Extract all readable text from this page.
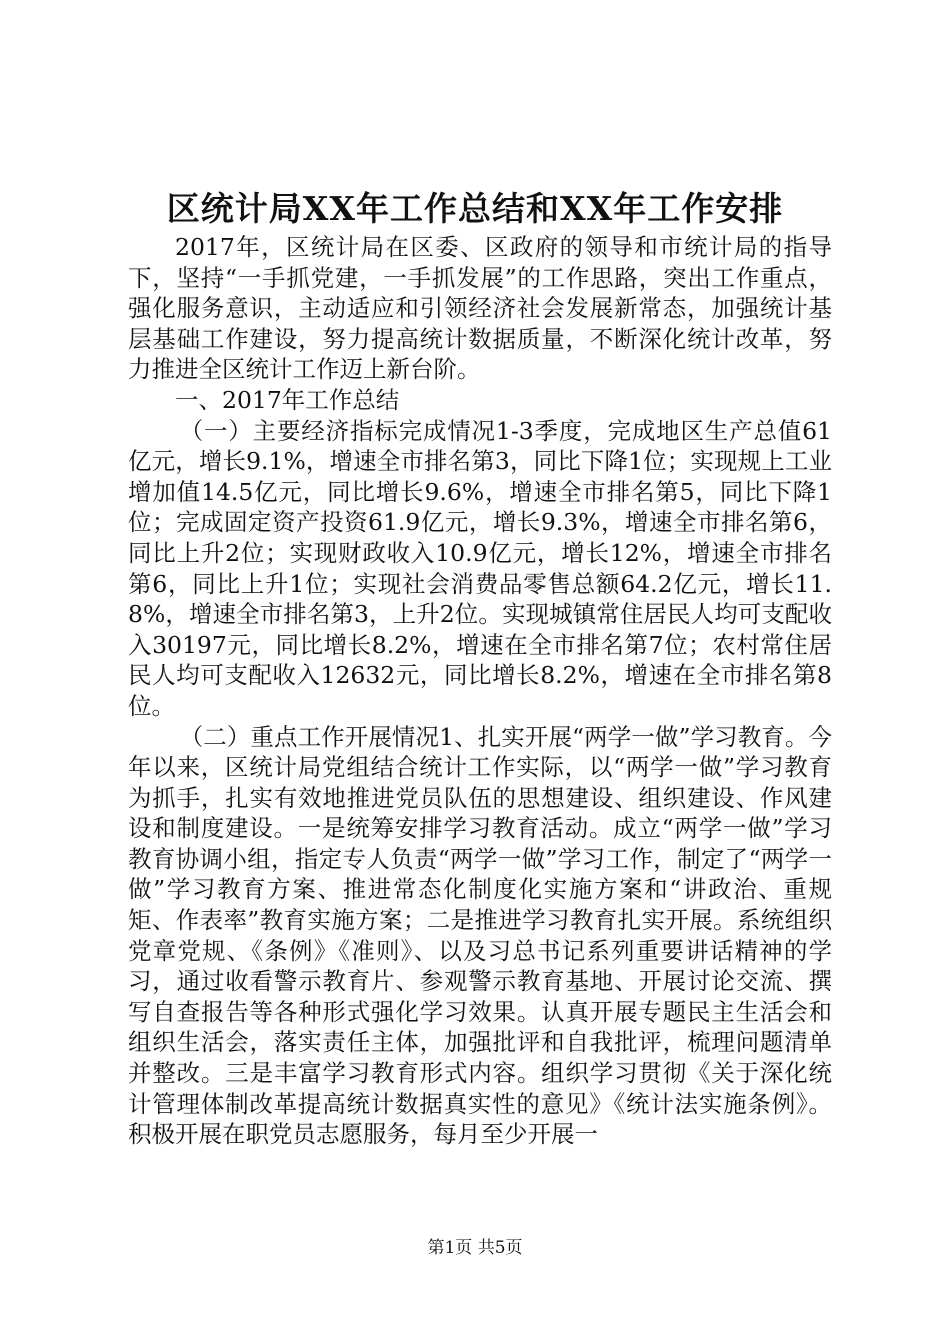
区统计局XX年工作总结和XX年工作安排

2017年，区统计局在区委、区政府的领导和市统计局的指导下，坚持“一手抓党建，一手抓发展”的工作思路，突出工作重点，强化服务意识，主动适应和引领经济社会发展新常态，加强统计基层基础工作建设，努力提高统计数据质量，不断深化统计改革，努力推进全区统计工作迈上新台阶。

一、2017年工作总结

（一）主要经济指标完成情况1-3季度，完成地区生产总值61亿元，增长9.1%，增速全市排名第3，同比下降1位；实现规上工业增加值14.5亿元，同比增长9.6%，增速全市排名第5，同比下降1位；完成固定资产投资61.9亿元，增长9.3%，增速全市排名第6，同比上升2位；实现财政收入10.9亿元，增长12%，增速全市排名第6，同比上升1位；实现社会消费品零售总额64.2亿元，增长11.8%，增速全市排名第3，上升2位。实现城镇常住居民人均可支配收入30197元，同比增长8.2%，增速在全市排名第7位；农村常住居民人均可支配收入12632元，同比增长8.2%，增速在全市排名第8位。

（二）重点工作开展情况1、扎实开展“两学一做”学习教育。今年以来，区统计局党组结合统计工作实际，以“两学一做”学习教育为抓手，扎实有效地推进党员队伍的思想建设、组织建设、作风建设和制度建设。一是统筹安排学习教育活动。成立“两学一做”学习教育协调小组，指定专人负责“两学一做”学习工作，制定了“两学一做”学习教育方案、推进常态化制度化实施方案和“讲政治、重规矩、作表率”教育实施方案；二是推进学习教育扎实开展。系统组织党章党规、《条例》《准则》、以及习总书记系列重要讲话精神的学习，通过收看警示教育片、参观警示教育基地、开展讨论交流、撰写自查报告等各种形式强化学习效果。认真开展专题民主生活会和组织生活会，落实责任主体，加强批评和自我批评，梳理问题清单并整改。三是丰富学习教育形式内容。组织学习贯彻《关于深化统计管理体制改革提高统计数据真实性的意见》《统计法实施条例》。积极开展在职党员志愿服务，每月至少开展一

第1页 共5页
